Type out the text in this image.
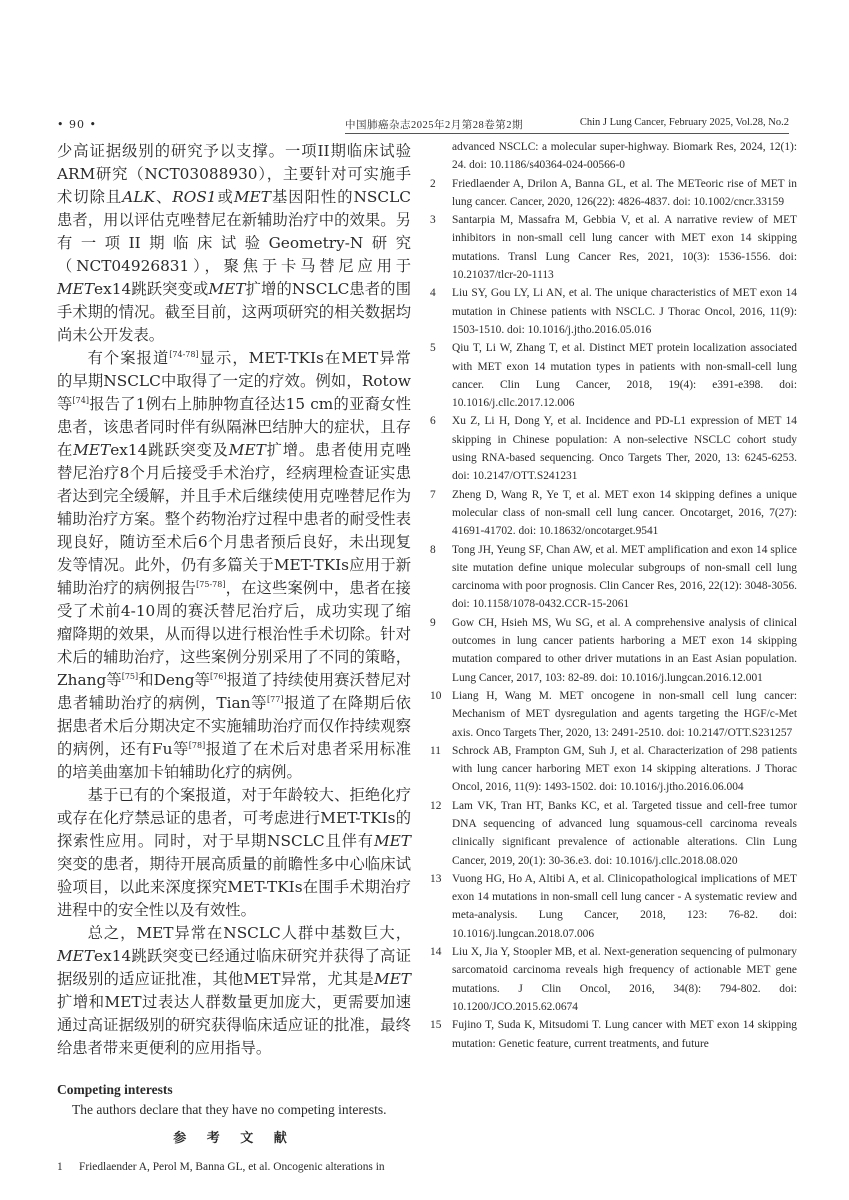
• 90 •	中国肺癌杂志2025年2月第28卷第2期	Chin J Lung Cancer, February 2025, Vol.28, No.2

少高证据级别的研究予以支撑。一项II期临床试验ARM研究（NCT03088930），主要针对可实施手术切除且ALK、ROS1或MET基因阳性的NSCLC患者，用以评估克唑替尼在新辅助治疗中的效果。另有一项II期临床试验Geometry-N研究（NCT04926831），聚焦于卡马替尼应用于METex14跳跃突变或MET扩增的NSCLC患者的围手术期的情况。截至目前，这两项研究的相关数据均尚未公开发表。

有个案报道[74-78]显示，MET-TKIs在MET异常的早期NSCLC中取得了一定的疗效。例如，Rotow等[74]报告了1例右上肺肿物直径达15 cm的亚裔女性患者，该患者同时伴有纵隔淋巴结肿大的症状，且存在METex14跳跃突变及MET扩增。患者使用克唑替尼治疗8个月后接受手术治疗，经病理检查证实患者达到完全缓解，并且手术后继续使用克唑替尼作为辅助治疗方案。整个药物治疗过程中患者的耐受性表现良好，随访至术后6个月患者预后良好，未出现复发等情况。此外，仍有多篇关于MET-TKIs应用于新辅助治疗的病例报告[75-78]，在这些案例中，患者在接受了术前4-10周的赛沃替尼治疗后，成功实现了缩瘤降期的效果，从而得以进行根治性手术切除。针对术后的辅助治疗，这些案例分别采用了不同的策略，Zhang等[75]和Deng等[76]报道了持续使用赛沃替尼对患者辅助治疗的病例，Tian等[77]报道了在降期后依据患者术后分期决定不实施辅助治疗而仅作持续观察的病例，还有Fu等[78]报道了在术后对患者采用标准的培美曲塞加卡铂辅助化疗的病例。

基于已有的个案报道，对于年龄较大、拒绝化疗或存在化疗禁忌证的患者，可考虑进行MET-TKIs的探索性应用。同时，对于早期NSCLC且伴有MET突变的患者，期待开展高质量的前瞻性多中心临床试验项目，以此来深度探究MET-TKIs在围手术期治疗进程中的安全性以及有效性。

总之，MET异常在NSCLC人群中基数巨大，METex14跳跃突变已经通过临床研究并获得了高证据级别的适应证批准，其他MET异常，尤其是MET扩增和MET过表达人群数量更加庞大，更需要加速通过高证据级别的研究获得临床适应证的批准，最终给患者带来更便利的应用指导。

Competing interests
The authors declare that they have no competing interests.
参 考 文 献
1	Friedlaender A, Perol M, Banna GL, et al. Oncogenic alterations in
advanced NSCLC: a molecular super-highway. Biomark Res, 2024, 12(1): 24. doi: 10.1186/s40364-024-00566-0
2	Friedlaender A, Drilon A, Banna GL, et al. The METeoric rise of MET in lung cancer. Cancer, 2020, 126(22): 4826-4837. doi: 10.1002/cncr.33159
3	Santarpia M, Massafra M, Gebbia V, et al. A narrative review of MET inhibitors in non-small cell lung cancer with MET exon 14 skipping mutations. Transl Lung Cancer Res, 2021, 10(3): 1536-1556. doi: 10.21037/tlcr-20-1113
4	Liu SY, Gou LY, Li AN, et al. The unique characteristics of MET exon 14 mutation in Chinese patients with NSCLC. J Thorac Oncol, 2016, 11(9): 1503-1510. doi: 10.1016/j.jtho.2016.05.016
5	Qiu T, Li W, Zhang T, et al. Distinct MET protein localization associated with MET exon 14 mutation types in patients with non-small-cell lung cancer. Clin Lung Cancer, 2018, 19(4): e391-e398. doi: 10.1016/j.cllc.2017.12.006
6	Xu Z, Li H, Dong Y, et al. Incidence and PD-L1 expression of MET 14 skipping in Chinese population: A non-selective NSCLC cohort study using RNA-based sequencing. Onco Targets Ther, 2020, 13: 6245-6253. doi: 10.2147/OTT.S241231
7	Zheng D, Wang R, Ye T, et al. MET exon 14 skipping defines a unique molecular class of non-small cell lung cancer. Oncotarget, 2016, 7(27): 41691-41702. doi: 10.18632/oncotarget.9541
8	Tong JH, Yeung SF, Chan AW, et al. MET amplification and exon 14 splice site mutation define unique molecular subgroups of non-small cell lung carcinoma with poor prognosis. Clin Cancer Res, 2016, 22(12): 3048-3056. doi: 10.1158/1078-0432.CCR-15-2061
9	Gow CH, Hsieh MS, Wu SG, et al. A comprehensive analysis of clinical outcomes in lung cancer patients harboring a MET exon 14 skipping mutation compared to other driver mutations in an East Asian population. Lung Cancer, 2017, 103: 82-89. doi: 10.1016/j.lungcan.2016.12.001
10 Liang H, Wang M. MET oncogene in non-small cell lung cancer: Mechanism of MET dysregulation and agents targeting the HGF/c-Met axis. Onco Targets Ther, 2020, 13: 2491-2510. doi: 10.2147/OTT.S231257
11 Schrock AB, Frampton GM, Suh J, et al. Characterization of 298 patients with lung cancer harboring MET exon 14 skipping alterations. J Thorac Oncol, 2016, 11(9): 1493-1502. doi: 10.1016/j.jtho.2016.06.004
12 Lam VK, Tran HT, Banks KC, et al. Targeted tissue and cell-free tumor DNA sequencing of advanced lung squamous-cell carcinoma reveals clinically significant prevalence of actionable alterations. Clin Lung Cancer, 2019, 20(1): 30-36.e3. doi: 10.1016/j.cllc.2018.08.020
13 Vuong HG, Ho A, Altibi A, et al. Clinicopathological implications of MET exon 14 mutations in non-small cell lung cancer - A systematic review and meta-analysis. Lung Cancer, 2018, 123: 76-82. doi: 10.1016/j.lungcan.2018.07.006
14 Liu X, Jia Y, Stoopler MB, et al. Next-generation sequencing of pulmonary sarcomatoid carcinoma reveals high frequency of actionable MET gene mutations. J Clin Oncol, 2016, 34(8): 794-802. doi: 10.1200/JCO.2015.62.0674
15 Fujino T, Suda K, Mitsudomi T. Lung cancer with MET exon 14 skipping mutation: Genetic feature, current treatments, and future
